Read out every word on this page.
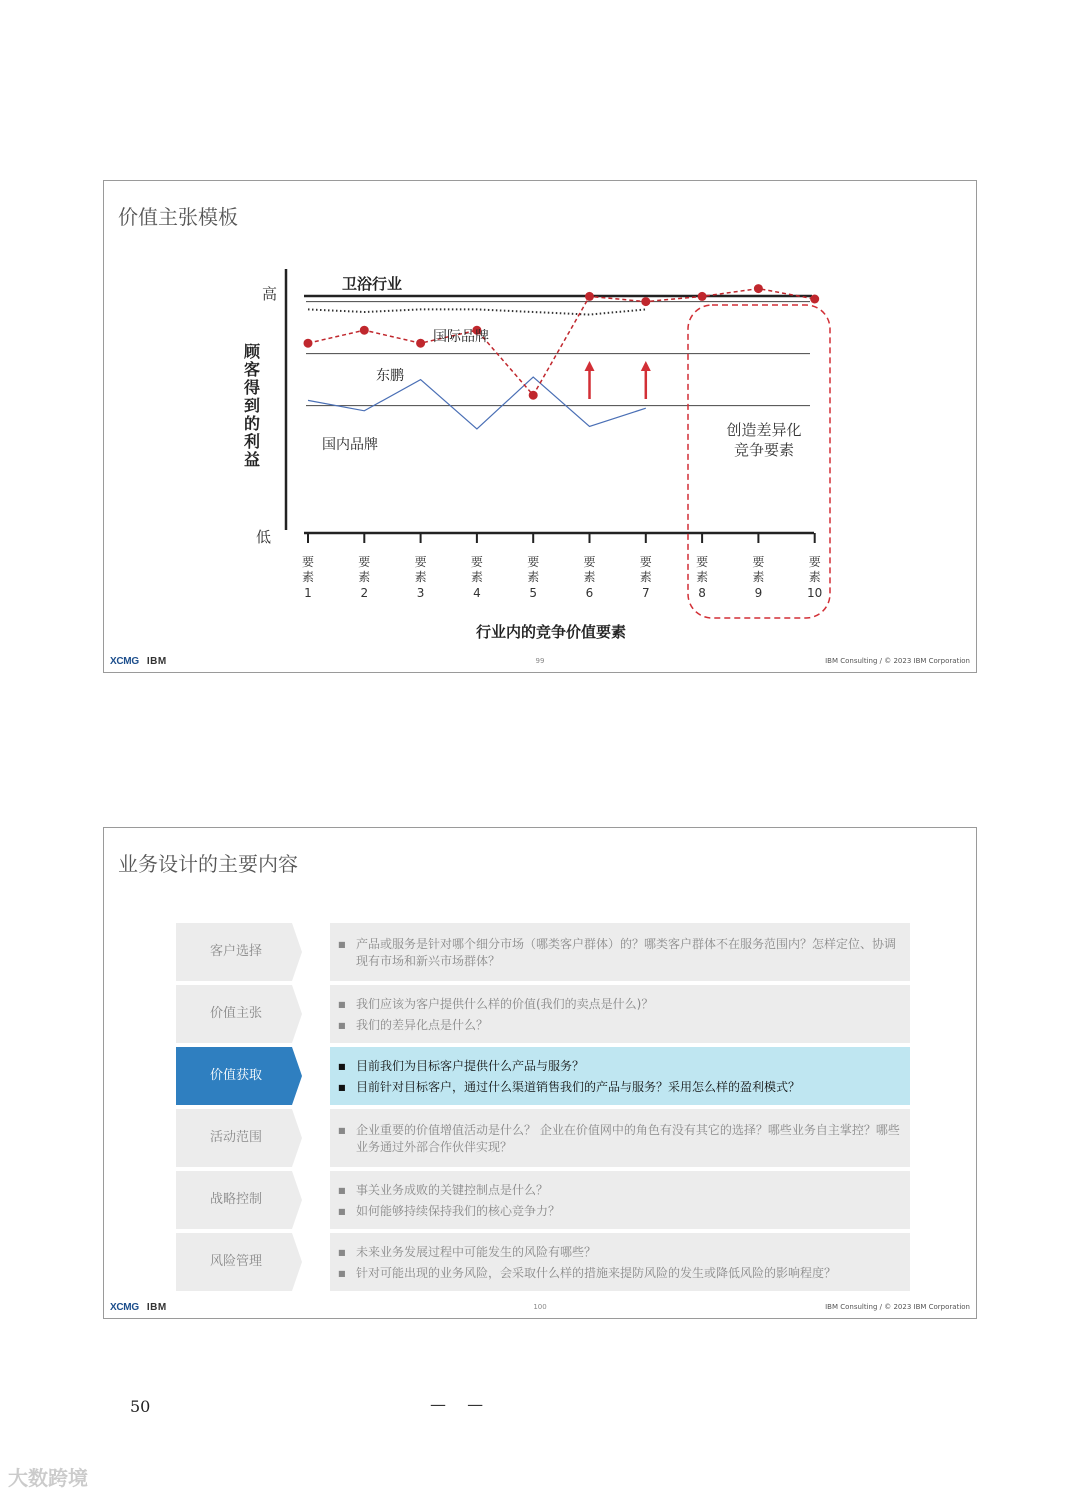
价值主张模板
高
低
卫浴行业
行业内的竞争价值要素
顾
客
得
到
的
利
益
国际品牌
东鹏
国内品牌
要
素
1
要
素
2
要
素
3
要
素
4
要
素
5
要
素
6
要
素
7
要
素
8
要
素
9
要
素
10
创造差异化
竞争要素
XCMG IBM	99	IBM Consulting / © 2023 IBM Corporation
业务设计的主要内容
客户选择	■ 产品或服务是针对哪个细分市场（哪类客户群体）的？哪类客户群体不在服务范围内？怎样定位、协调现有市场和新兴市场群体？
价值主张
■ 我们应该为客户提供什么样的价值(我们的卖点是什么)？
■ 我们的差异化点是什么？
价值获取
■ 目前我们为目标客户提供什么产品与服务？
■ 目前针对目标客户，通过什么渠道销售我们的产品与服务？采用怎么样的盈利模式？
活动范围	■ 企业重要的价值增值活动是什么？ 企业在价值网中的角色有没有其它的选择？哪些业务自主掌控？哪些业务通过外部合作伙伴实现？
战略控制
■ 事关业务成败的关键控制点是什么？
■ 如何能够持续保持我们的核心竞争力？
风险管理
■ 未来业务发展过程中可能发生的风险有哪些？
■ 针对可能出现的业务风险，会采取什么样的措施来提防风险的发生或降低风险的影响程度？
XCMG IBM	100	IBM Consulting / © 2023 IBM Corporation
50	— —
大数跨境
